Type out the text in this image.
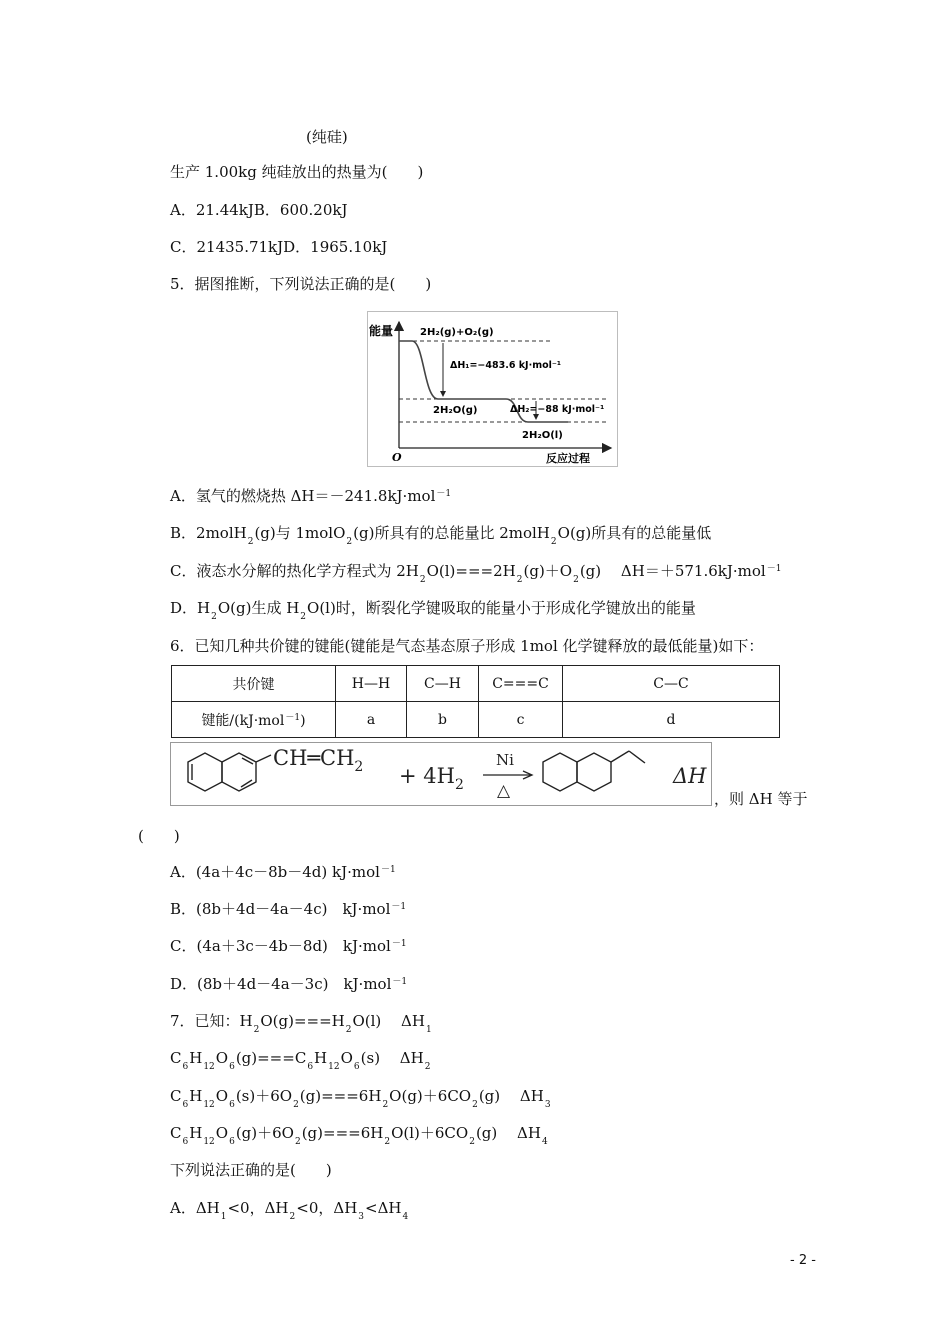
(纯硅)
生产 1.00kg 纯硅放出的热量为(　　)
A．21.44kJB．600.20kJ
C．21435.71kJD．1965.10kJ
5．据图推断，下列说法正确的是(　　)
能量
O	反应过程
2H₂(g)+O₂(g)
ΔH₁=−483.6 kJ·mol⁻¹
2H₂O(g)	ΔH₂=−88 kJ·mol⁻¹
2H₂O(l)
A．氢气的燃烧热 ΔH＝－241.8kJ·mol$^{-1}$
B．2molH$_2$(g)与 1molO$_2$(g)所具有的总能量比 2molH$_2$O(g)所具有的总能量低
C．液态水分解的热化学方程式为 $2H_2O(l)===2H_2(g)+O_2(g)$　 ΔH＝＋571.6kJ·mol$^{-1}$
D．$H_2O(g)$生成 $H_2O(l)$时，断裂化学键吸取的能量小于形成化学键放出的能量
6．已知几种共价键的键能(键能是气态基态原子形成 1mol 化学键释放的最低能量)如下：
共价键	H—H	C—H	C===C	C—C
键能/(kJ·mol$^{-1}$)	a	b	c	d
$CH═CH_2 + 4H_2$
Ni
△
ΔH
，则 ΔH 等于
(　　)
A．(4a＋4c－8b－4d) kJ·mol$^{-1}$
B．(8b＋4d－4a－4c)　kJ·mol$^{-1}$
C．(4a＋3c－4b－8d)　kJ·mol$^{-1}$
D．(8b＋4d－4a－3c)　kJ·mol$^{-1}$
7．已知：$H_2O(g)===H_2O(l)$　 $\Delta H_1$
$C_6H_{12}O_6(g)===C_6H_{12}O_6(s)$　 $\Delta H_2$
$C_6H_{12}O_6(s)+6O_2(g)===6H_2O(g)+6CO_2(g)$　 $\Delta H_3$
$C_6H_{12}O_6(g)+6O_2(g)===6H_2O(l)+6CO_2(g)$　 $\Delta H_4$
下列说法正确的是(　　)
A．$\Delta H_1<0$，$\Delta H_2<0$，$\Delta H_3<\Delta H_4$
- 2 -
